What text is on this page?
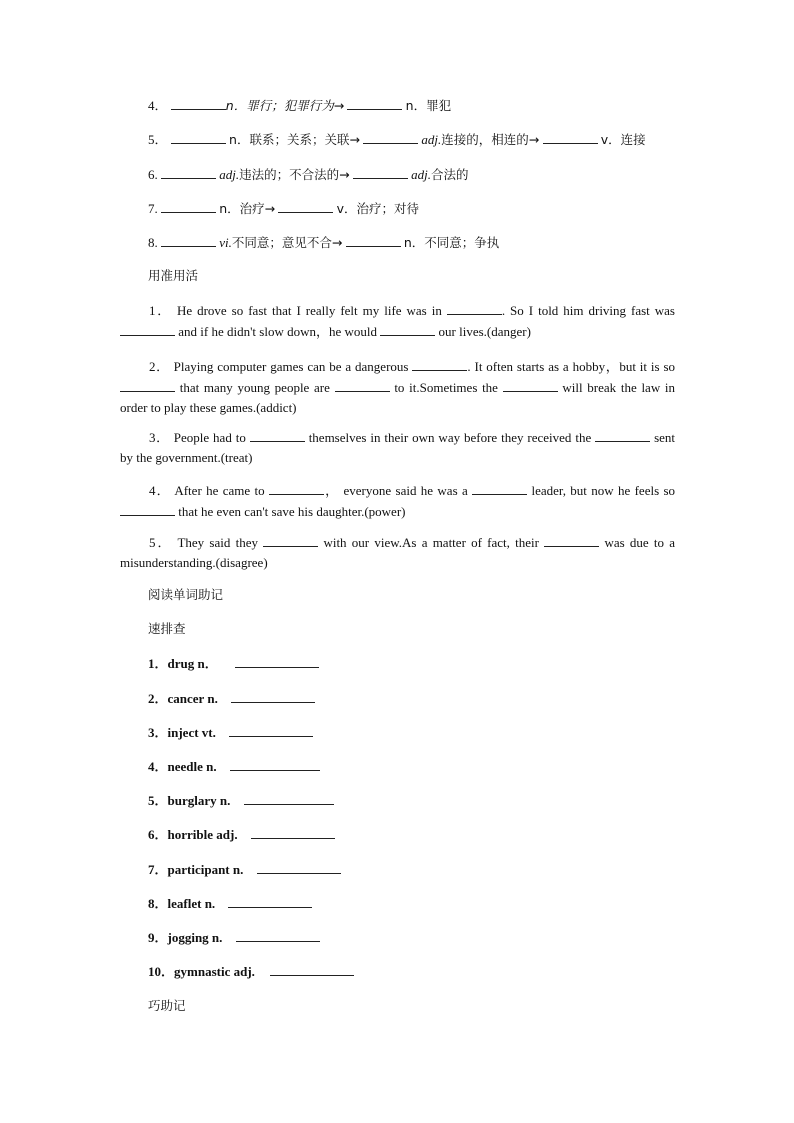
4．	n．罪行；犯罪行为→	n．罪犯
5．	n．联系；关系；关联→	adj.连接的，相连的→	v．连接
6.	adj.违法的；不合法的→	adj.合法的
7.	n．治疗→	v．治疗；对待
8.	vi.不同意；意见不合→	n．不同意；争执
用准用活
1． He drove so fast that I really felt my life was in	. So I told him driving fast was  and if he didn't slow down，he would	our lives.(danger)
2． Playing computer games can be a dangerous	. It often starts as a hobby，but it is so  that many young people are	to it.Sometimes the	will break the law in order to play these games.(addict)
3． People had to	themselves in their own way before they received the	sent by the government.(treat)
4． After he came to	， everyone said he was a	leader, but now he feels so  that he even can't save his daughter.(power)
5． They said they	with our view.As a matter of fact, their	was due to a misunderstanding.(disagree)
阅读单词助记
速排查
1．drug n．
2．cancer n.
3．inject vt.
4．needle n.
5．burglary n.
6．horrible adj.
7．participant n.
8．leaflet n.
9．jogging n.
10．gymnastic adj.
巧助记
